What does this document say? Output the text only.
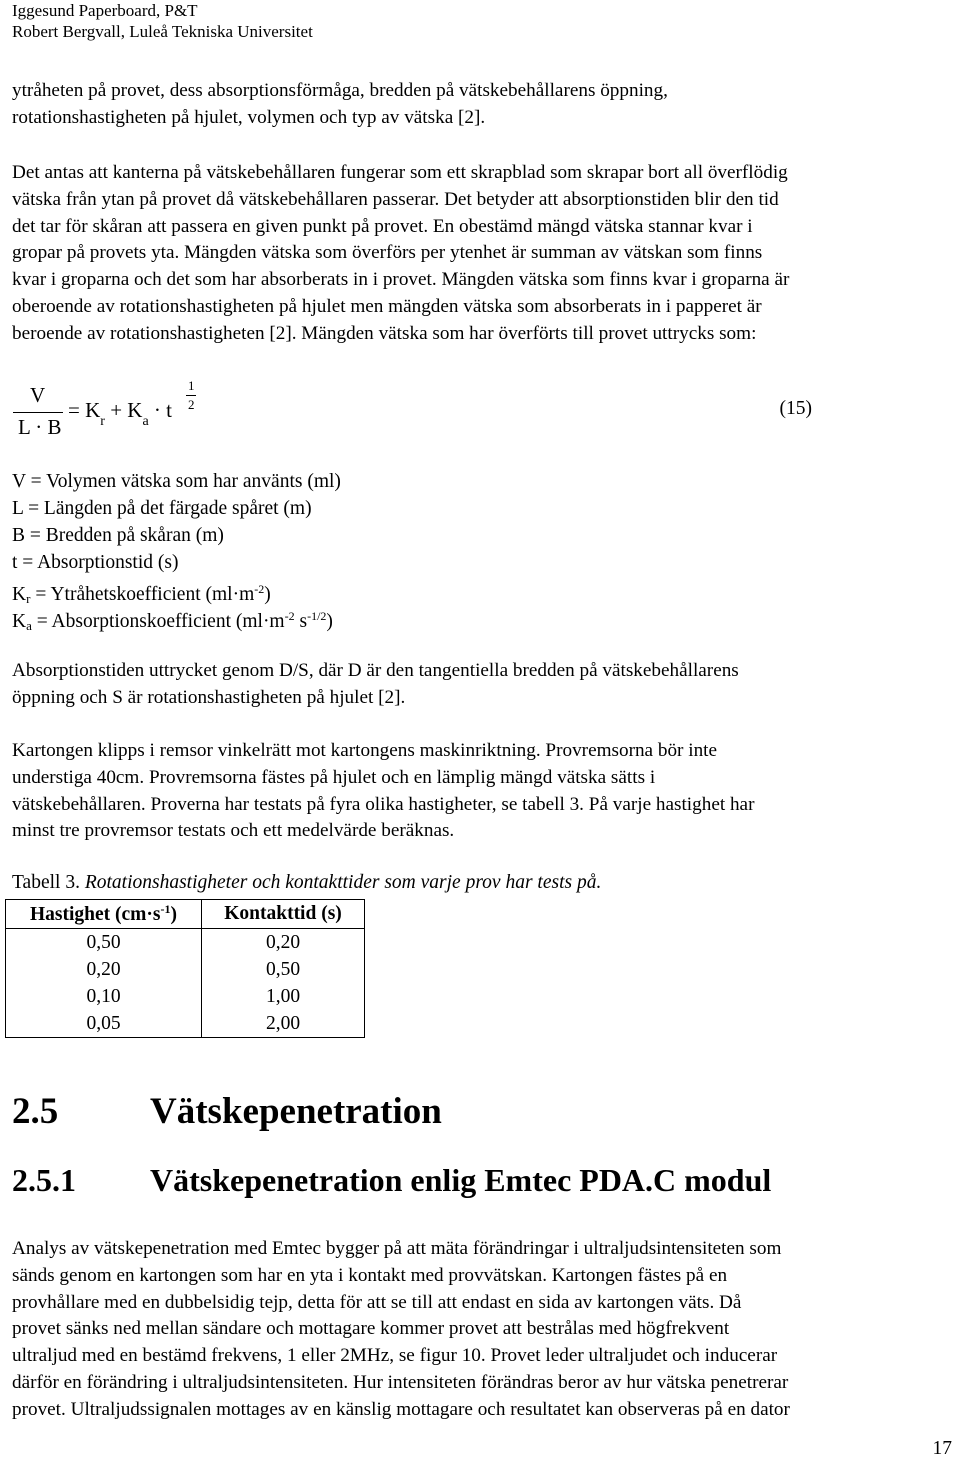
Iggesund Paperboard, P&T
Robert Bergvall, Luleå Tekniska Universitet
ytråheten på provet, dess absorptionsförmåga, bredden på vätskebehållarens öppning,
rotationshastigheten på hjulet, volymen och typ av vätska [2].
Det antas att kanterna på vätskebehållaren fungerar som ett skrapblad som skrapar bort all överflödig
vätska från ytan på provet då vätskebehållaren passerar. Det betyder att absorptionstiden blir den tid
det tar för skåran att passera en given punkt på provet. En obestämd mängd vätska stannar kvar i
gropar på provets yta. Mängden vätska som överförs per ytenhet är summan av vätskan som finns
kvar i groparna och det som har absorberats in i provet. Mängden vätska som finns kvar i groparna är
oberoende av rotationshastigheten på hjulet men mängden vätska som absorberats in i papperet är
beroende av rotationshastigheten [2]. Mängden vätska som har överförts till provet uttrycks som:
V
L · B
= $K_r + K_a \cdot t$
1
2	(15)
V = Volymen vätska som har använts (ml)
L = Längden på det färgade spåret (m)
B = Bredden på skåran (m)
t = Absorptionstid (s)
$K_r$ = Ytråhetskoefficient $(ml\cdot m^{-2})$
$K_a$ = Absorptionskoefficient ($ml\cdot m^{-2}$ $s^{-1/2}$)
Absorptionstiden uttrycket genom D/S, där D är den tangentiella bredden på vätskebehållarens
öppning och S är rotationshastigheten på hjulet [2].
Kartongen klipps i remsor vinkelrätt mot kartongens maskinriktning. Provremsorna bör inte
understiga 40cm. Provremsorna fästes på hjulet och en lämplig mängd vätska sätts i
vätskebehållaren. Proverna har testats på fyra olika hastigheter, se tabell 3. På varje hastighet har
minst tre provremsor testats och ett medelvärde beräknas.
Tabell 3. Rotationshastigheter och kontakttider som varje prov har tests på.
Hastighet $(cm\cdot s^{-1})$	Kontakttid (s)
0,50	0,20
0,20	0,50
0,10	1,00
0,05	2,00
2.5 Vätskepenetration
2.5.1 Vätskepenetration enlig Emtec PDA.C modul
Analys av vätskepenetration med Emtec bygger på att mäta förändringar i ultraljudsintensiteten som
sänds genom en kartongen som har en yta i kontakt med provvätskan. Kartongen fästes på en
provhållare med en dubbelsidig tejp, detta för att se till att endast en sida av kartongen väts. Då
provet sänks ned mellan sändare och mottagare kommer provet att bestrålas med högfrekvent
ultraljud med en bestämd frekvens, 1 eller 2MHz, se figur 10. Provet leder ultraljudet och inducerar
därför en förändring i ultraljudsintensiteten. Hur intensiteten förändras beror av hur vätska penetrerar
provet. Ultraljudssignalen mottages av en känslig mottagare och resultatet kan observeras på en dator
17
